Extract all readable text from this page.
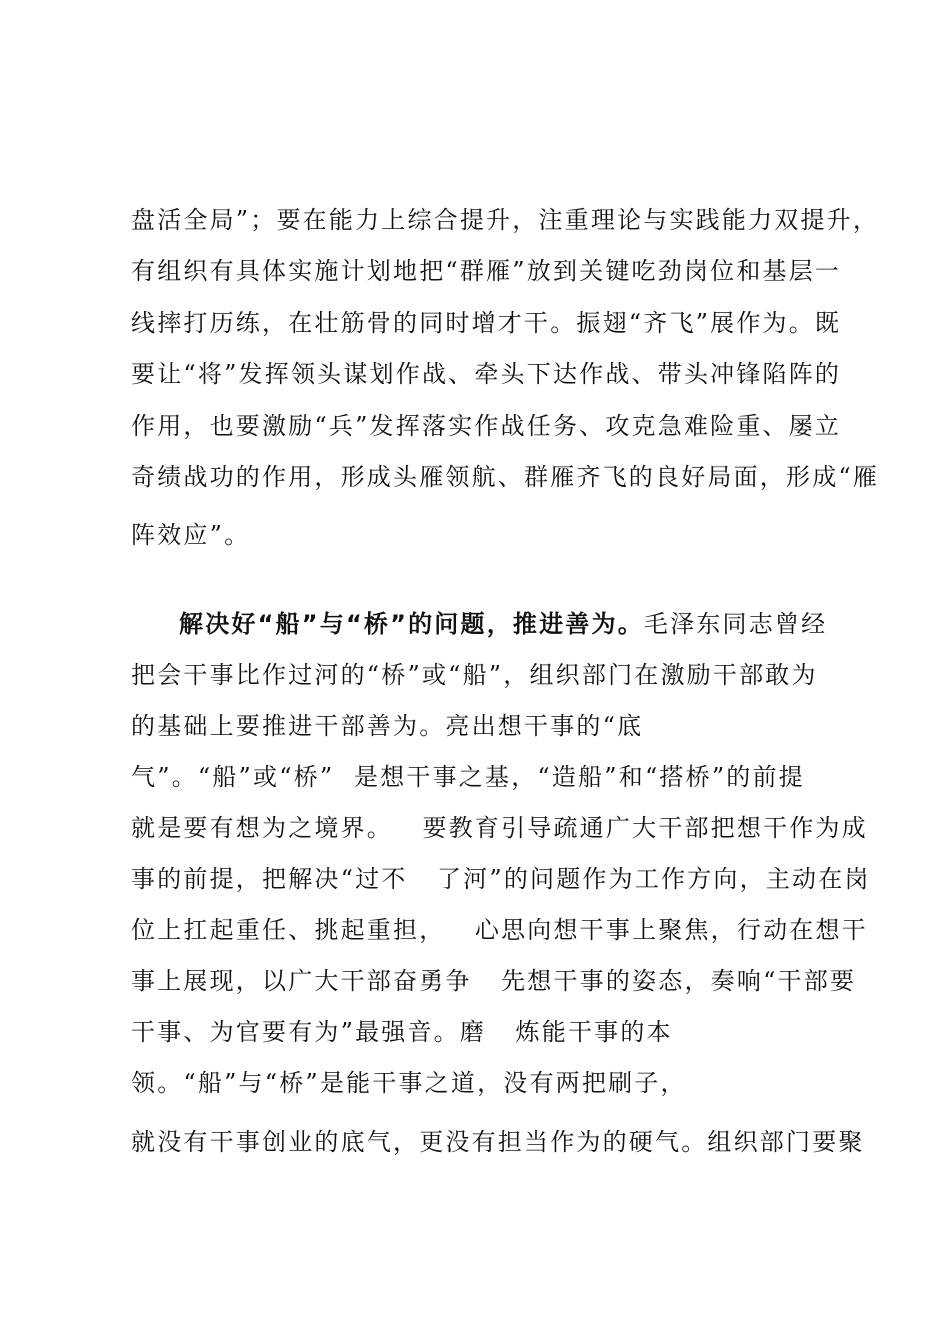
盘活全局”；要在能力上综合提升，注重理论与实践能力双提升，
有组织有具体实施计划地把“群雁”放到关键吃劲岗位和基层一
线摔打历练，在壮筋骨的同时增才干。振翅“齐飞”展作为。既
要让“将”发挥领头谋划作战、牵头下达作战、带头冲锋陷阵的
作用，也要激励“兵”发挥落实作战任务、攻克急难险重、屡立
奇绩战功的作用，形成头雁领航、群雁齐飞的良好局面，形成“雁
阵效应”。
解决好“船”与“桥”的问题，推进善为。毛泽东同志曾经
把会干事比作过河的“桥”或“船”，组织部门在激励干部敢为
的基础上要推进干部善为。亮出想干事的“底
气”。“船”或“桥”  是想干事之基，“造船”和“搭桥”的前提
就是要有想为之境界。   要教育引导疏通广大干部把想干作为成
事的前提，把解决“过不   了河”的问题作为工作方向，主动在岗
位上扛起重任、挑起重担，   心思向想干事上聚焦，行动在想干
事上展现，以广大干部奋勇争   先想干事的姿态，奏响“干部要
干事、为官要有为”最强音。磨   炼能干事的本
领。“船”与“桥”是能干事之道，没有两把刷子，
就没有干事创业的底气，更没有担当作为的硬气。组织部门要聚
